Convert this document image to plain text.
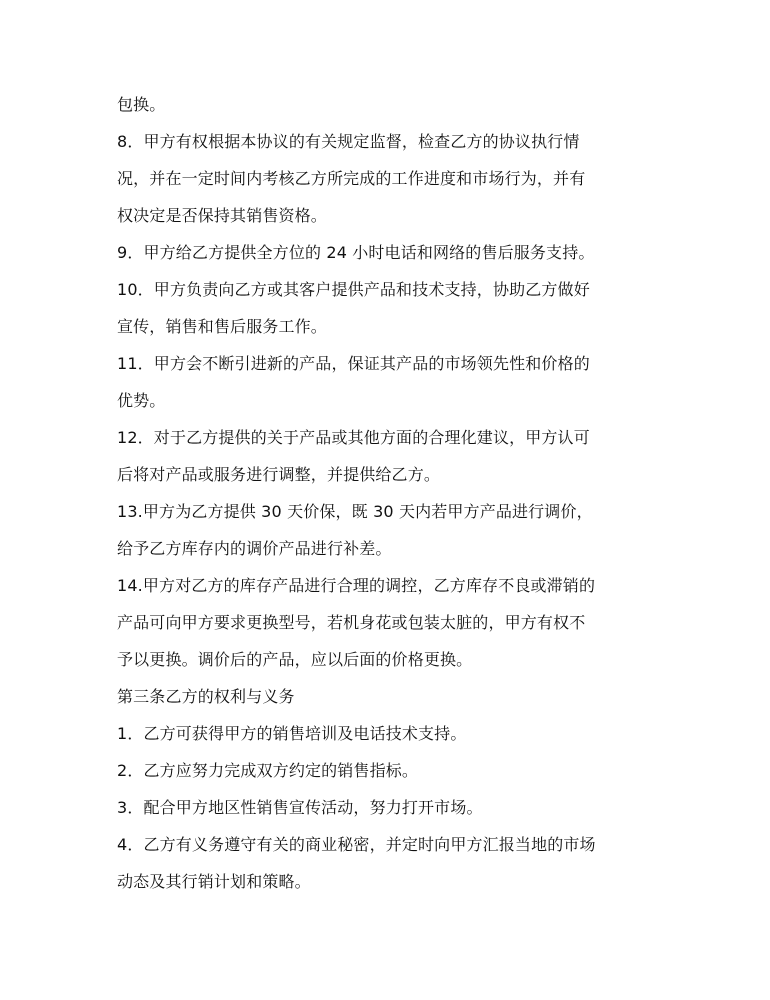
包换。
8．甲方有权根据本协议的有关规定监督，检查乙方的协议执行情
况，并在一定时间内考核乙方所完成的工作进度和市场行为，并有
权决定是否保持其销售资格。
9．甲方给乙方提供全方位的 24 小时电话和网络的售后服务支持。
10．甲方负责向乙方或其客户提供产品和技术支持，协助乙方做好
宣传，销售和售后服务工作。
11．甲方会不断引进新的产品，保证其产品的市场领先性和价格的
优势。
12．对于乙方提供的关于产品或其他方面的合理化建议，甲方认可
后将对产品或服务进行调整，并提供给乙方。
13.甲方为乙方提供 30 天价保，既 30 天内若甲方产品进行调价，
给予乙方库存内的调价产品进行补差。
14.甲方对乙方的库存产品进行合理的调控，乙方库存不良或滞销的
产品可向甲方要求更换型号，若机身花或包装太脏的，甲方有权不
予以更换。调价后的产品，应以后面的价格更换。
第三条乙方的权利与义务
1．乙方可获得甲方的销售培训及电话技术支持。
2．乙方应努力完成双方约定的销售指标。
3．配合甲方地区性销售宣传活动，努力打开市场。
4．乙方有义务遵守有关的商业秘密，并定时向甲方汇报当地的市场
动态及其行销计划和策略。
